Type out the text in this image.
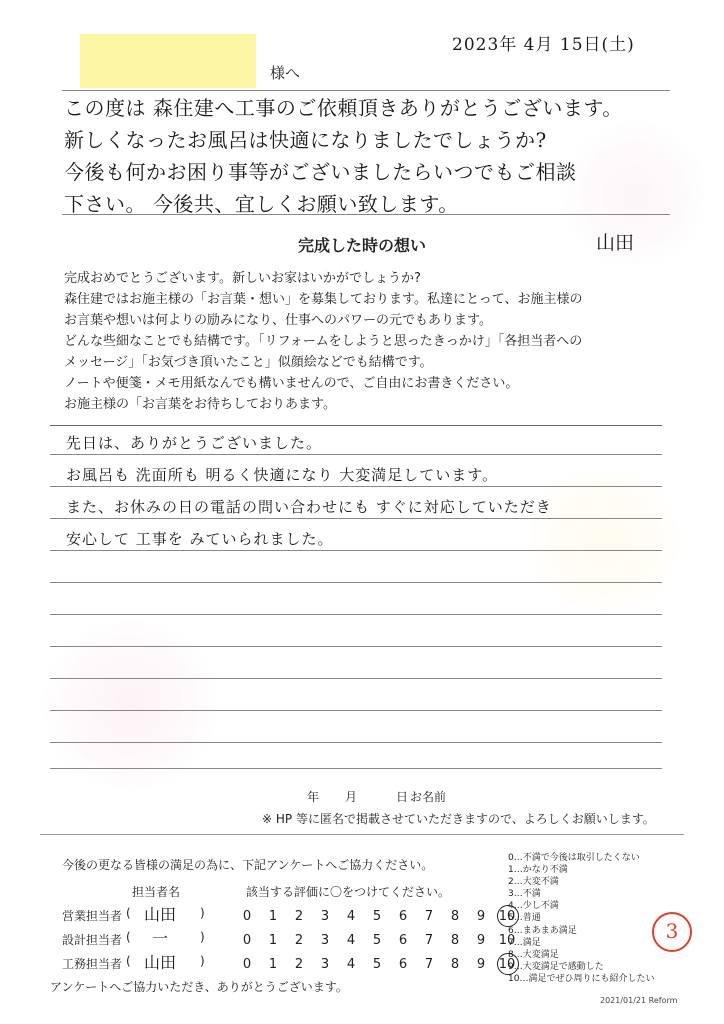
2023年 4月 15日(土)
様へ
この度は 森住建へ工事のご依頼頂きありがとうございます。
新しくなったお風呂は快適になりましたでしょうか?
今後も何かお困り事等がございましたらいつでもご相談
下さい。 今後共、宜しくお願い致します。
山田
完成した時の想い
完成おめでとうございます。新しいお家はいかがでしょうか?
森住建ではお施主様の「お言葉・想い」を募集しております。私達にとって、お施主様の
お言葉や想いは何よりの励みになり、仕事へのパワーの元でもあります。
どんな些細なことでも結構です。「リフォームをしようと思ったきっかけ」「各担当者への
メッセージ」「お気づき頂いたこと」似顔絵などでも結構です。
ノートや便箋・メモ用紙なんでも構いませんので、ご自由にお書きください。
お施主様の「お言葉をお待ちしておりあます。
先日は、ありがとうございました。
お風呂も 洗面所も 明るく快適になり 大変満足しています。
また、お休みの日の電話の問い合わせにも すぐに対応していただき
安心して 工事を みていられました。
年 月	日 お名前
※ HP 等に匿名で掲載させていただきますので、よろしくお願いします。
今後の更なる皆様の満足の為に、下記アンケートへご協力ください。
担当者名	該当する評価に〇をつけてください。
営業担当者 ( 山田	)	0 1 2 3 4 5 6 7 8 9 10
設計担当者 (	一	)	0 1 2 3 4 5 6 7 8 9 10
工務担当者 ( 山田	)	0 1 2 3 4 5 6 7 8 9 10
0…不満で今後は取引したくない
1…かなり不満
2…大変不満
3…不満
4…少し不満
5…普通
6…まあまあ満足
7…満足
8…大変満足
9…大変満足で感動した
10…満足でぜひ周りにも紹介したい
3
アンケートへご協力いただき、ありがとうございます。
2021/01/21 Reform
